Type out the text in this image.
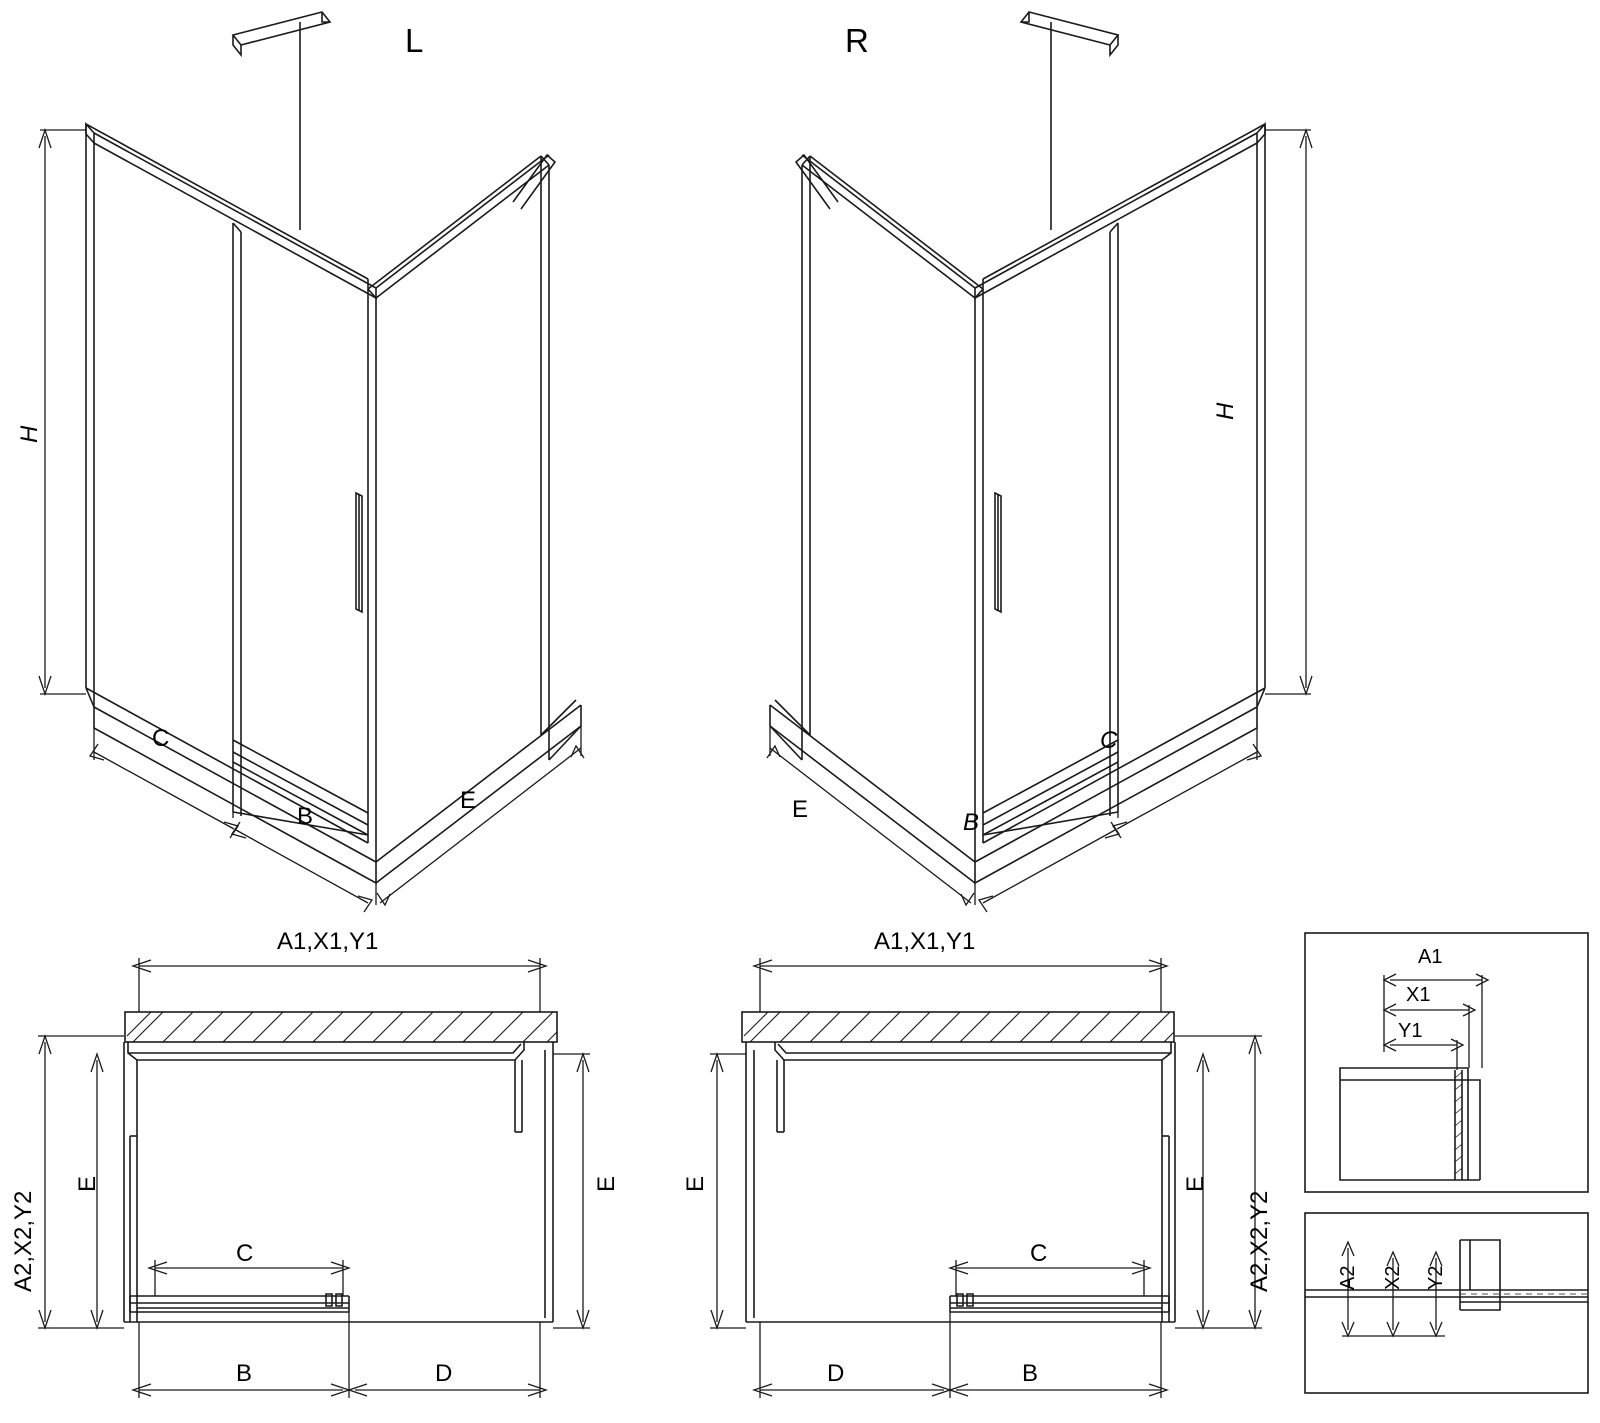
L	R
H
C
B
E
H
E	B
C
A1,X1,Y1
A2,X2,Y2
E	E
C
B	D
A1,X1,Y1
E	E
A2,X2,Y2
C
D	B
A1
X1
Y1
A2 X2 Y2
